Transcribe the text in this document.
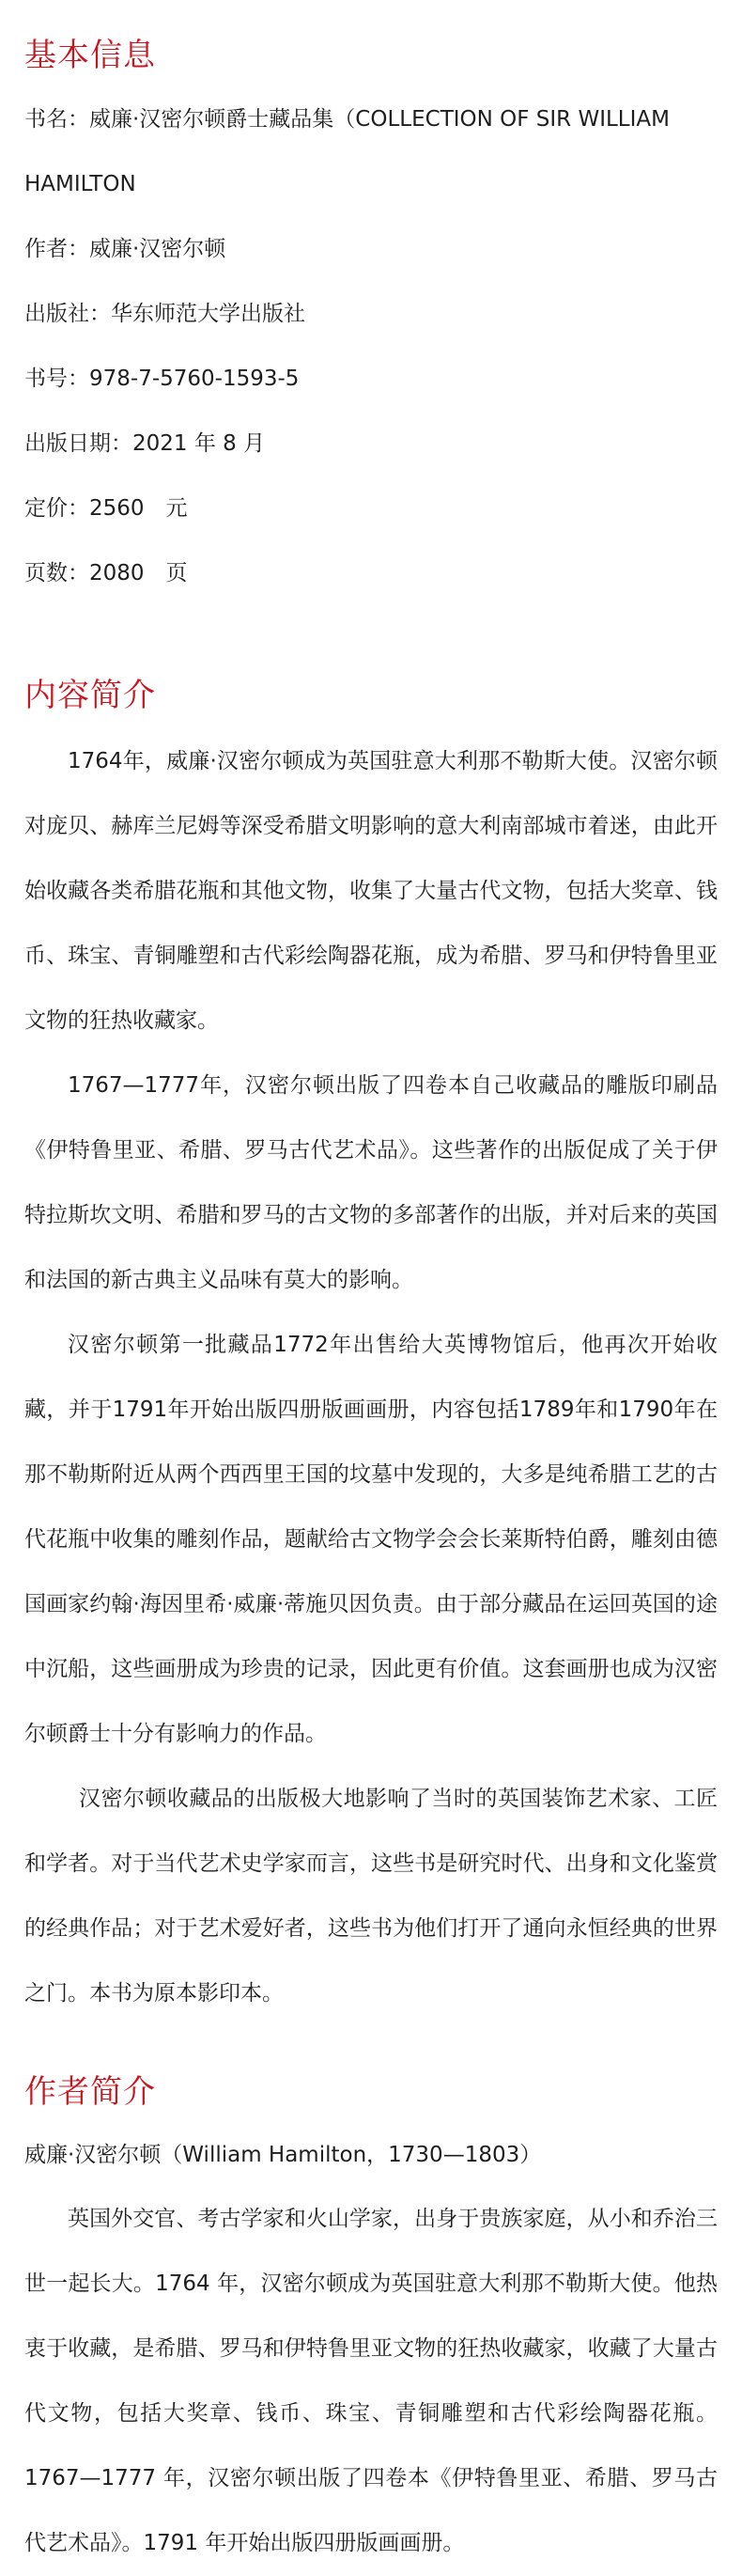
基本信息
书名：威廉·汉密尔顿爵士藏品集（COLLECTION OF SIR WILLIAM
HAMILTON
作者：威廉·汉密尔顿
出版社：华东师范大学出版社
书号：978-7-5760-1593-5
出版日期：2021 年 8 月
定价：2560　元
页数：2080　页
内容简介

1764年，威廉·汉密尔顿成为英国驻意大利那不勒斯大使。汉密尔顿对庞贝、赫库兰尼姆等深受希腊文明影响的意大利南部城市着迷，由此开始收藏各类希腊花瓶和其他文物，收集了大量古代文物，包括大奖章、钱币、珠宝、青铜雕塑和古代彩绘陶器花瓶，成为希腊、罗马和伊特鲁里亚文物的狂热收藏家。

1767—1777年，汉密尔顿出版了四卷本自己收藏品的雕版印刷品《伊特鲁里亚、希腊、罗马古代艺术品》。这些著作的出版促成了关于伊特拉斯坎文明、希腊和罗马的古文物的多部著作的出版，并对后来的英国和法国的新古典主义品味有莫大的影响。

汉密尔顿第一批藏品1772年出售给大英博物馆后，他再次开始收藏，并于1791年开始出版四册版画画册，内容包括1789年和1790年在那不勒斯附近从两个西西里王国的坟墓中发现的，大多是纯希腊工艺的古代花瓶中收集的雕刻作品，题献给古文物学会会长莱斯特伯爵，雕刻由德国画家约翰·海因里希·威廉·蒂施贝因负责。由于部分藏品在运回英国的途中沉船，这些画册成为珍贵的记录，因此更有价值。这套画册也成为汉密尔顿爵士十分有影响力的作品。

汉密尔顿收藏品的出版极大地影响了当时的英国装饰艺术家、工匠和学者。对于当代艺术史学家而言，这些书是研究时代、出身和文化鉴赏的经典作品；对于艺术爱好者，这些书为他们打开了通向永恒经典的世界之门。本书为原本影印本。

作者简介
威廉·汉密尔顿（William Hamilton，1730—1803）

英国外交官、考古学家和火山学家，出身于贵族家庭，从小和乔治三世一起长大。1764 年，汉密尔顿成为英国驻意大利那不勒斯大使。他热衷于收藏，是希腊、罗马和伊特鲁里亚文物的狂热收藏家，收藏了大量古代文物，包括大奖章、钱币、珠宝、青铜雕塑和古代彩绘陶器花瓶。1767—1777 年，汉密尔顿出版了四卷本《伊特鲁里亚、希腊、罗马古代艺术品》。1791 年开始出版四册版画画册。
